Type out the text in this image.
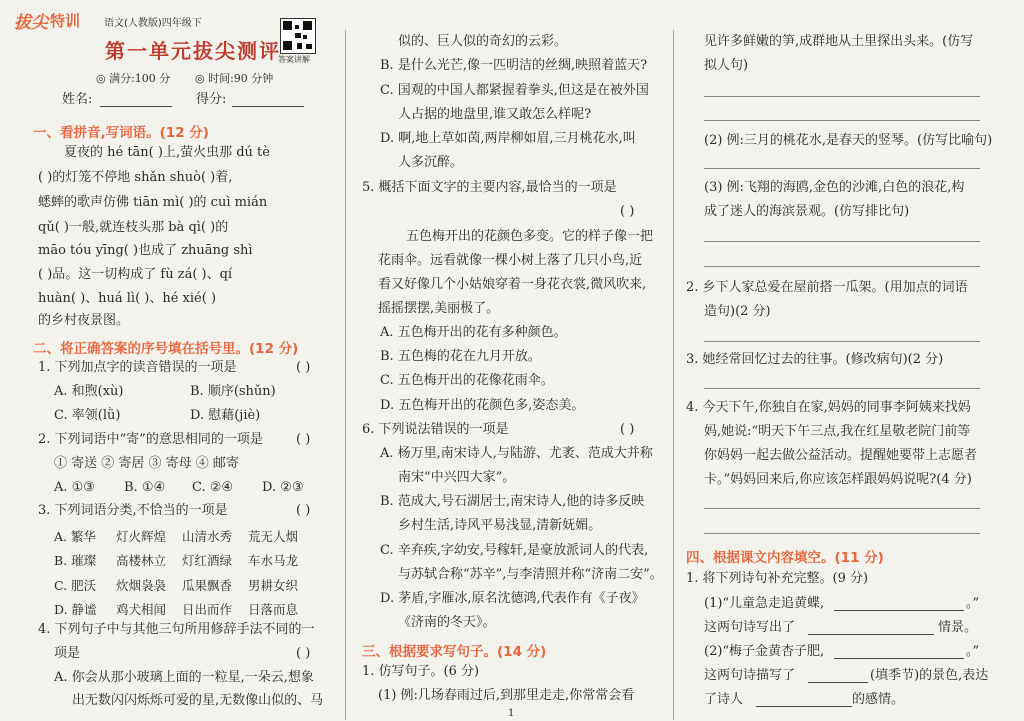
拔尖 特训 语文(人教版)四年级下
答案讲解
第一单元拔尖测评
◎ 满分:100 分 ◎ 时间:90 分钟
姓名:	得分:
一、看拼音,写词语。(12 分)
夏夜的 hé tān( )上,萤火虫那 dú tè
( )的灯笼不停地 shǎn shuò( )着,
蟋蟀的歌声仿佛 tiān mì( )的 cuì mián
qǔ( )一般,就连枝头那 bà qì( )的
māo tóu yīng( )也成了 zhuāng shì
( )品。这一切构成了 fù zá( )、qí
huàn( )、huá lì( )、hé xié( )
的乡村夜景图。
二、将正确答案的序号填在括号里。(12 分)
1. 下列加点字的读音错误的一项是	( )
A. 和煦(xù)	B. 顺序(shǔn)
C. 率领(lǜ)	D. 慰藉(jiè)
2. 下列词语中“寄”的意思相同的一项是	( )
① 寄送 ② 寄居 ③ 寄母 ④ 邮寄
A. ①③ B. ①④ C. ②④ D. ②③
3. 下列词语分类,不恰当的一项是	( )
A. 繁华 灯火辉煌 山清水秀 荒无人烟
B. 璀璨 高楼林立 灯红酒绿 车水马龙
C. 肥沃 炊烟袅袅 瓜果飘香 男耕女织
D. 静谧 鸡犬相闻 日出而作 日落而息
4. 下列句子中与其他三句所用修辞手法不同的一
项是	( )
A. 你会从那小玻璃上面的一粒星,一朵云,想象
出无数闪闪烁烁可爱的星,无数像山似的、马
似的、巨人似的奇幻的云彩。
B. 是什么光芒,像一匹明洁的丝绸,映照着蓝天?
C. 国观的中国人都紧握着拳头,但这是在被外国
人占据的地盘里,谁又敢怎么样呢?
D. 啊,地上草如茵,两岸柳如眉,三月桃花水,叫
人多沉醉。
5. 概括下面文字的主要内容,最恰当的一项是
( )
五色梅开出的花颜色多变。它的样子像一把
花雨伞。远看就像一棵小树上落了几只小鸟,近
看又好像几个小姑娘穿着一身花衣裳,微风吹来,
摇摇摆摆,美丽极了。
A. 五色梅开出的花有多种颜色。
B. 五色梅的花在九月开放。
C. 五色梅开出的花像花雨伞。
D. 五色梅开出的花颜色多,姿态美。
6. 下列说法错误的一项是	( )
A. 杨万里,南宋诗人,与陆游、尤袤、范成大并称
南宋“中兴四大家”。
B. 范成大,号石湖居士,南宋诗人,他的诗多反映
乡村生活,诗风平易浅显,清新妩媚。
C. 辛弃疾,字幼安,号稼轩,是豪放派词人的代表,
与苏轼合称“苏辛”,与李清照并称“济南二安”。
D. 茅盾,字雁冰,原名沈德鸿,代表作有《子夜》
《济南的冬天》。
三、根据要求写句子。(14 分)
1. 仿写句子。(6 分)
(1) 例:几场春雨过后,到那里走走,你常常会看
见许多鲜嫩的笋,成群地从土里探出头来。(仿写
拟人句)
(2) 例:三月的桃花水,是春天的竖琴。(仿写比喻句)
(3) 例:飞翔的海鸥,金色的沙滩,白色的浪花,构
成了迷人的海滨景观。(仿写排比句)
2. 乡下人家总爱在屋前搭一瓜架。(用加点的词语
造句)(2 分)
3. 她经常回忆过去的往事。(修改病句)(2 分)
4. 今天下午,你独自在家,妈妈的同事李阿姨来找妈
妈,她说:“明天下午三点,我在红星敬老院门前等
你妈妈一起去做公益活动。提醒她要带上志愿者
卡。”妈妈回来后,你应该怎样跟妈妈说呢?(4 分)
四、根据课文内容填空。(11 分)
1. 将下列诗句补充完整。(9 分)
(1)“儿童急走追黄蝶,	。”
这两句诗写出了	情景。
(2)“梅子金黄杏子肥,	。”
这两句诗描写了	(填季节)的景色,表达
了诗人	的感情。
1
